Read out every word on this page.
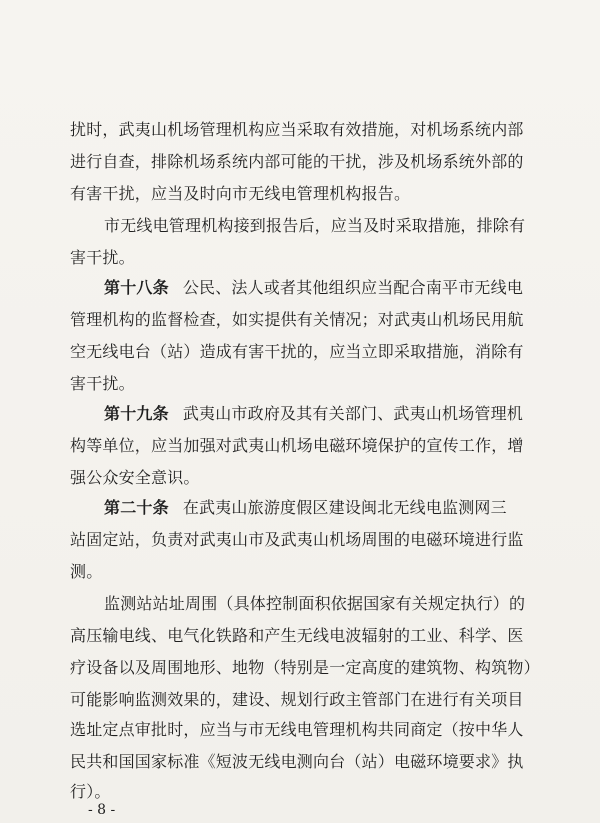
扰时，武夷山机场管理机构应当采取有效措施，对机场系统内部
进行自查，排除机场系统内部可能的干扰，涉及机场系统外部的
有害干扰，应当及时向市无线电管理机构报告。
市无线电管理机构接到报告后，应当及时采取措施，排除有
害干扰。
第十八条 公民、法人或者其他组织应当配合南平市无线电
管理机构的监督检查，如实提供有关情况；对武夷山机场民用航
空无线电台（站）造成有害干扰的，应当立即采取措施，消除有
害干扰。
第十九条 武夷山市政府及其有关部门、武夷山机场管理机
构等单位，应当加强对武夷山机场电磁环境保护的宣传工作，增
强公众安全意识。
第二十条 在武夷山旅游度假区建设闽北无线电监测网三
站固定站，负责对武夷山市及武夷山机场周围的电磁环境进行监
测。
监测站站址周围（具体控制面积依据国家有关规定执行）的
高压输电线、电气化铁路和产生无线电波辐射的工业、科学、医
疗设备以及周围地形、地物（特别是一定高度的建筑物、构筑物）
可能影响监测效果的，建设、规划行政主管部门在进行有关项目
选址定点审批时，应当与市无线电管理机构共同商定（按中华人
民共和国国家标准《短波无线电测向台（站）电磁环境要求》执
行）。
- 8 -
